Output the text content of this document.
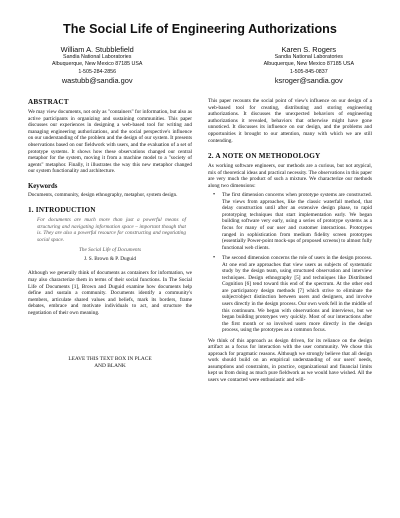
The Social Life of Engineering Authorizations
William A. Stubblefield
Sandia National Laboratories
Albuquerque, New Mexico 87185 USA
1-505-284-2856
wastubb@sandia.gov
Karen S. Rogers
Sandia National Laboratories
Albuquerque, New Mexico 87185 USA
1-505-845-0837
ksroger@sandia.gov
ABSTRACT

We may view documents, not only as "containers" for information, but also as active participants in organizing and sustaining communities. This paper discusses our experiences in designing a web-based tool for writing and managing engineering authorizations, and the social perspective's influence on our understanding of the problem and the design of our system. It presents observations based on our fieldwork with users, and the evaluation of a set of prototype systems. It shows how these observations changed our central metaphor for the system, moving it from a machine model to a "society of agents" metaphor. Finally, it illustrates the way this new metaphor changed our system functionality and architecture.

Keywords

Documents, community, design ethnography, metaphor, system design.

1. INTRODUCTION

For documents are much more than just a powerful means of structuring and navigating information space – important though that is. They are also a powerful resource for constructing and negotiating social space.

The Social Life of Documents
J. S. Brown & P. Duguid

Although we generally think of documents as containers for information, we may also characterize them in terms of their social functions. In The Social Life of Documents [1], Brown and Duguid examine how documents help define and sustain a community. Documents identify a community's members, articulate shared values and beliefs, mark its borders, frame debates, embrace and motivate individuals to act, and structure the negotiation of their own meaning.

LEAVE THIS TEXT BOX IN PLACE
AND BLANK

This paper recounts the social point of view's influence on our design of a web-based tool for creating, distributing and storing engineering authorizations. It discusses the unexpected behaviors of engineering authorizations it revealed, behaviors that otherwise might have gone unnoticed. It discusses its influence on our design, and the problems and opportunities it brought to our attention, many with which we are still contending.

2. A NOTE ON METHODOLOGY

As working software engineers, our methods are a curious, but not atypical, mix of theoretical ideas and practical necessity. The observations in this paper are very much the product of such a mixture. We characterize our methods along two dimensions:

• The first dimension concerns when prototype systems are constructed. The views from approaches, like the classic waterfall method, that delay construction until after an extensive design phase, to rapid prototyping techniques that start implementation early. We began building software very early, using a series of prototype systems as a focus for many of our user and customer interactions. Prototypes ranged in sophistication from medium fidelity screen prototypes (essentially Power-point mock-ups of proposed screens) to almost fully functional web clients.
• The second dimension concerns the role of users in the design process. At one end are approaches that view users as subjects of systematic study by the design team, using structured observation and interview techniques. Design ethnography [5] and techniques like Distributed Cognition [6] tend toward this end of the spectrum. At the other end are participatory design methods [7] which strive to eliminate the subject/object distinction between users and designers, and involve users directly in the design process. Our own work fell in the middle of this continuum. We began with observations and interviews, but we began building prototypes very quickly. Most of our interactions after the first month or so involved users more directly in the design process, using the prototypes as a common focus.

We think of this approach as design driven, for its reliance on the design artifact as a focus for interaction with the user community. We chose this approach for pragmatic reasons. Although we strongly believe that all design work should build on an empirical understanding of our users' needs, assumptions and constraints, in practice, organizational and financial limits kept us from doing as much pure fieldwork as we would have wished. All the users we contacted were enthusiastic and will-
